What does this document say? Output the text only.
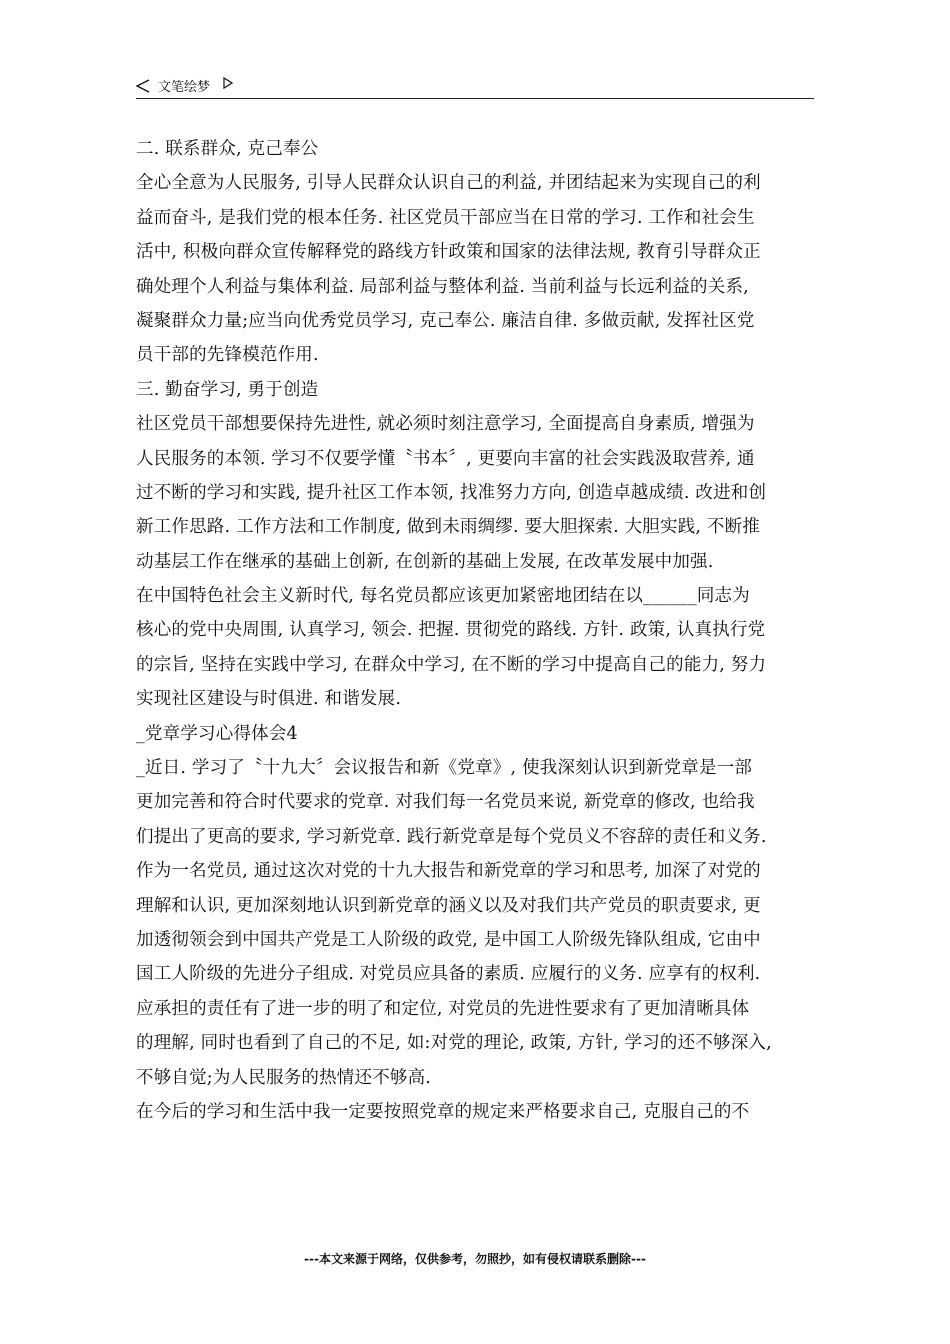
文笔绘梦
二. 联系群众, 克己奉公
全心全意为人民服务, 引导人民群众认识自己的利益, 并团结起来为实现自己的利
益而奋斗, 是我们党的根本任务. 社区党员干部应当在日常的学习. 工作和社会生
活中, 积极向群众宣传解释党的路线方针政策和国家的法律法规, 教育引导群众正
确处理个人利益与集体利益. 局部利益与整体利益. 当前利益与长远利益的关系,
凝聚群众力量;应当向优秀党员学习, 克己奉公. 廉洁自律. 多做贡献, 发挥社区党
员干部的先锋模范作用.
三. 勤奋学习, 勇于创造
社区党员干部想要保持先进性, 就必须时刻注意学习, 全面提高自身素质, 增强为
人民服务的本领. 学习不仅要学懂〝书本〞, 更要向丰富的社会实践汲取营养, 通
过不断的学习和实践, 提升社区工作本领, 找准努力方向, 创造卓越成绩. 改进和创
新工作思路. 工作方法和工作制度, 做到未雨绸缪. 要大胆探索. 大胆实践, 不断推
动基层工作在继承的基础上创新, 在创新的基础上发展, 在改革发展中加强.
在中国特色社会主义新时代, 每名党员都应该更加紧密地团结在以______同志为
核心的党中央周围, 认真学习, 领会. 把握. 贯彻党的路线. 方针. 政策, 认真执行党
的宗旨, 坚持在实践中学习, 在群众中学习, 在不断的学习中提高自己的能力, 努力
实现社区建设与时俱进. 和谐发展.
_党章学习心得体会4
_近日. 学习了〝十九大〞会议报告和新《党章》, 使我深刻认识到新党章是一部
更加完善和符合时代要求的党章. 对我们每一名党员来说, 新党章的修改, 也给我
们提出了更高的要求, 学习新党章. 践行新党章是每个党员义不容辞的责任和义务.
作为一名党员, 通过这次对党的十九大报告和新党章的学习和思考, 加深了对党的
理解和认识, 更加深刻地认识到新党章的涵义以及对我们共产党员的职责要求, 更
加透彻领会到中国共产党是工人阶级的政党, 是中国工人阶级先锋队组成, 它由中
国工人阶级的先进分子组成. 对党员应具备的素质. 应履行的义务. 应享有的权利.
应承担的责任有了进一步的明了和定位, 对党员的先进性要求有了更加清晰具体
的理解, 同时也看到了自己的不足, 如:对党的理论, 政策, 方针, 学习的还不够深入,
不够自觉;为人民服务的热情还不够高.
在今后的学习和生活中我一定要按照党章的规定来严格要求自己, 克服自己的不
---本文来源于网络，仅供参考，勿照抄，如有侵权请联系删除---
